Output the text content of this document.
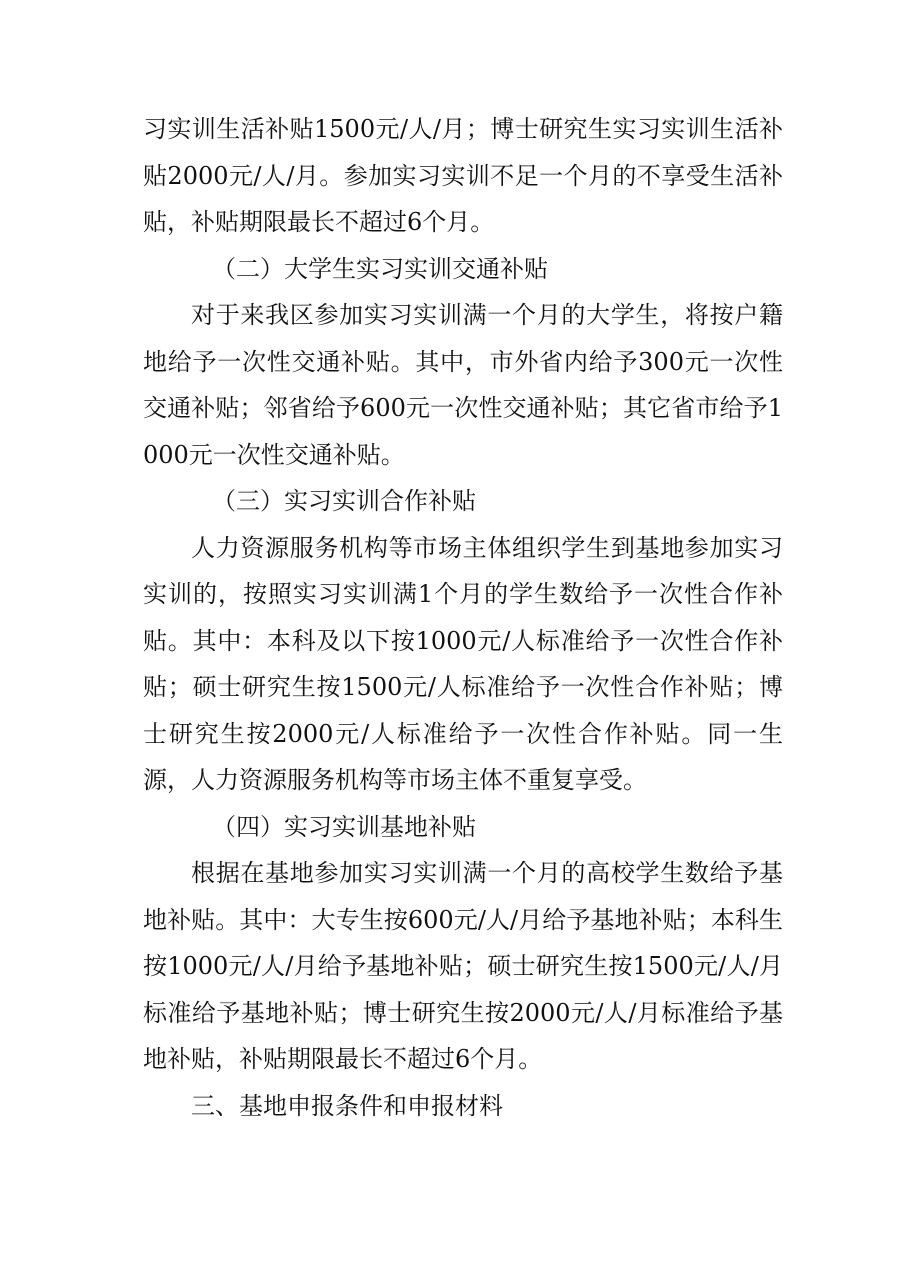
习实训生活补贴1500元/人/月；博士研究生实习实训生活补贴2000元/人/月。参加实习实训不足一个月的不享受生活补贴，补贴期限最长不超过6个月。

（二）大学生实习实训交通补贴

对于来我区参加实习实训满一个月的大学生，将按户籍地给予一次性交通补贴。其中，市外省内给予300元一次性交通补贴；邻省给予600元一次性交通补贴；其它省市给予1000元一次性交通补贴。

（三）实习实训合作补贴

人力资源服务机构等市场主体组织学生到基地参加实习实训的，按照实习实训满1个月的学生数给予一次性合作补贴。其中：本科及以下按1000元/人标准给予一次性合作补贴；硕士研究生按1500元/人标准给予一次性合作补贴；博士研究生按2000元/人标准给予一次性合作补贴。同一生源，人力资源服务机构等市场主体不重复享受。

（四）实习实训基地补贴

根据在基地参加实习实训满一个月的高校学生数给予基地补贴。其中：大专生按600元/人/月给予基地补贴；本科生按1000元/人/月给予基地补贴；硕士研究生按1500元/人/月标准给予基地补贴；博士研究生按2000元/人/月标准给予基地补贴，补贴期限最长不超过6个月。

三、基地申报条件和申报材料
